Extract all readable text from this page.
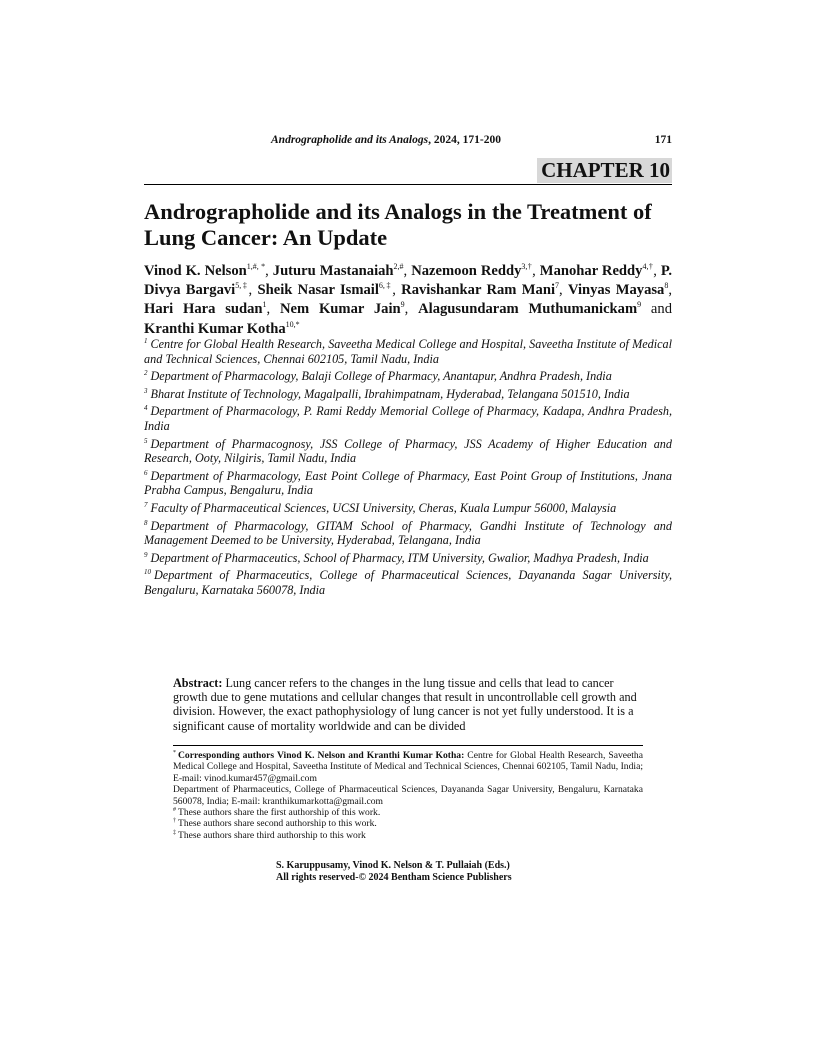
Andrographolide and its Analogs, 2024, 171-200	171
CHAPTER 10
Andrographolide and its Analogs in the Treatment of Lung Cancer: An Update

Vinod K. Nelson$^{1,\#, *}$, Juturu Mastanaiah$^{2,\#}$, Nazemoon Reddy$^{3,\dagger}$, Manohar Reddy$^{4,\dagger}$, P. Divya Bargavi$^{5,\ddagger}$, Sheik Nasar Ismail$^{6,\ddagger}$, Ravishankar Ram Mani$^7$, Vinyas Mayasa$^8$, Hari Hara sudan$^1$, Nem Kumar Jain$^9$, Alagusundaram Muthumanickam$^9$ and Kranthi Kumar Kotha$^{10,*}$

$^1$ Centre for Global Health Research, Saveetha Medical College and Hospital, Saveetha Institute of Medical and Technical Sciences, Chennai 602105, Tamil Nadu, India

$^2$ Department of Pharmacology, Balaji College of Pharmacy, Anantapur, Andhra Pradesh, India

$^3$ Bharat Institute of Technology, Magalpalli, Ibrahimpatnam, Hyderabad, Telangana 501510, India

$^4$ Department of Pharmacology, P. Rami Reddy Memorial College of Pharmacy, Kadapa, Andhra Pradesh, India

$^5$ Department of Pharmacognosy, JSS College of Pharmacy, JSS Academy of Higher Education and Research, Ooty, Nilgiris, Tamil Nadu, India

$^6$ Department of Pharmacology, East Point College of Pharmacy, East Point Group of Institutions, Jnana Prabha Campus, Bengaluru, India

$^7$ Faculty of Pharmaceutical Sciences, UCSI University, Cheras, Kuala Lumpur 56000, Malaysia

$^8$ Department of Pharmacology, GITAM School of Pharmacy, Gandhi Institute of Technology and Management Deemed to be University, Hyderabad, Telangana, India

$^9$ Department of Pharmaceutics, School of Pharmacy, ITM University, Gwalior, Madhya Pradesh, India

$^{10}$ Department of Pharmaceutics, College of Pharmaceutical Sciences, Dayananda Sagar University, Bengaluru, Karnataka 560078, India

Abstract: Lung cancer refers to the changes in the lung tissue and cells that lead to cancer growth due to gene mutations and cellular changes that result in uncontrollable cell growth and division. However, the exact pathophysiology of lung cancer is not yet fully understood. It is a significant cause of mortality worldwide and can be divided

* Corresponding authors Vinod K. Nelson and Kranthi Kumar Kotha: Centre for Global Health Research, Saveetha Medical College and Hospital, Saveetha Institute of Medical and Technical Sciences, Chennai 602105, Tamil Nadu, India; E-mail: vinod.kumar457@gmail.com

Department of Pharmaceutics, College of Pharmaceutical Sciences, Dayananda Sagar University, Bengaluru, Karnataka 560078, India; E-mail: kranthikumarkotta@gmail.com

# These authors share the first authorship of this work.

† These authors share second authorship to this work.

‡ These authors share third authorship to this work

S. Karuppusamy, Vinod K. Nelson & T. Pullaiah (Eds.)

All rights reserved-© 2024 Bentham Science Publishers
